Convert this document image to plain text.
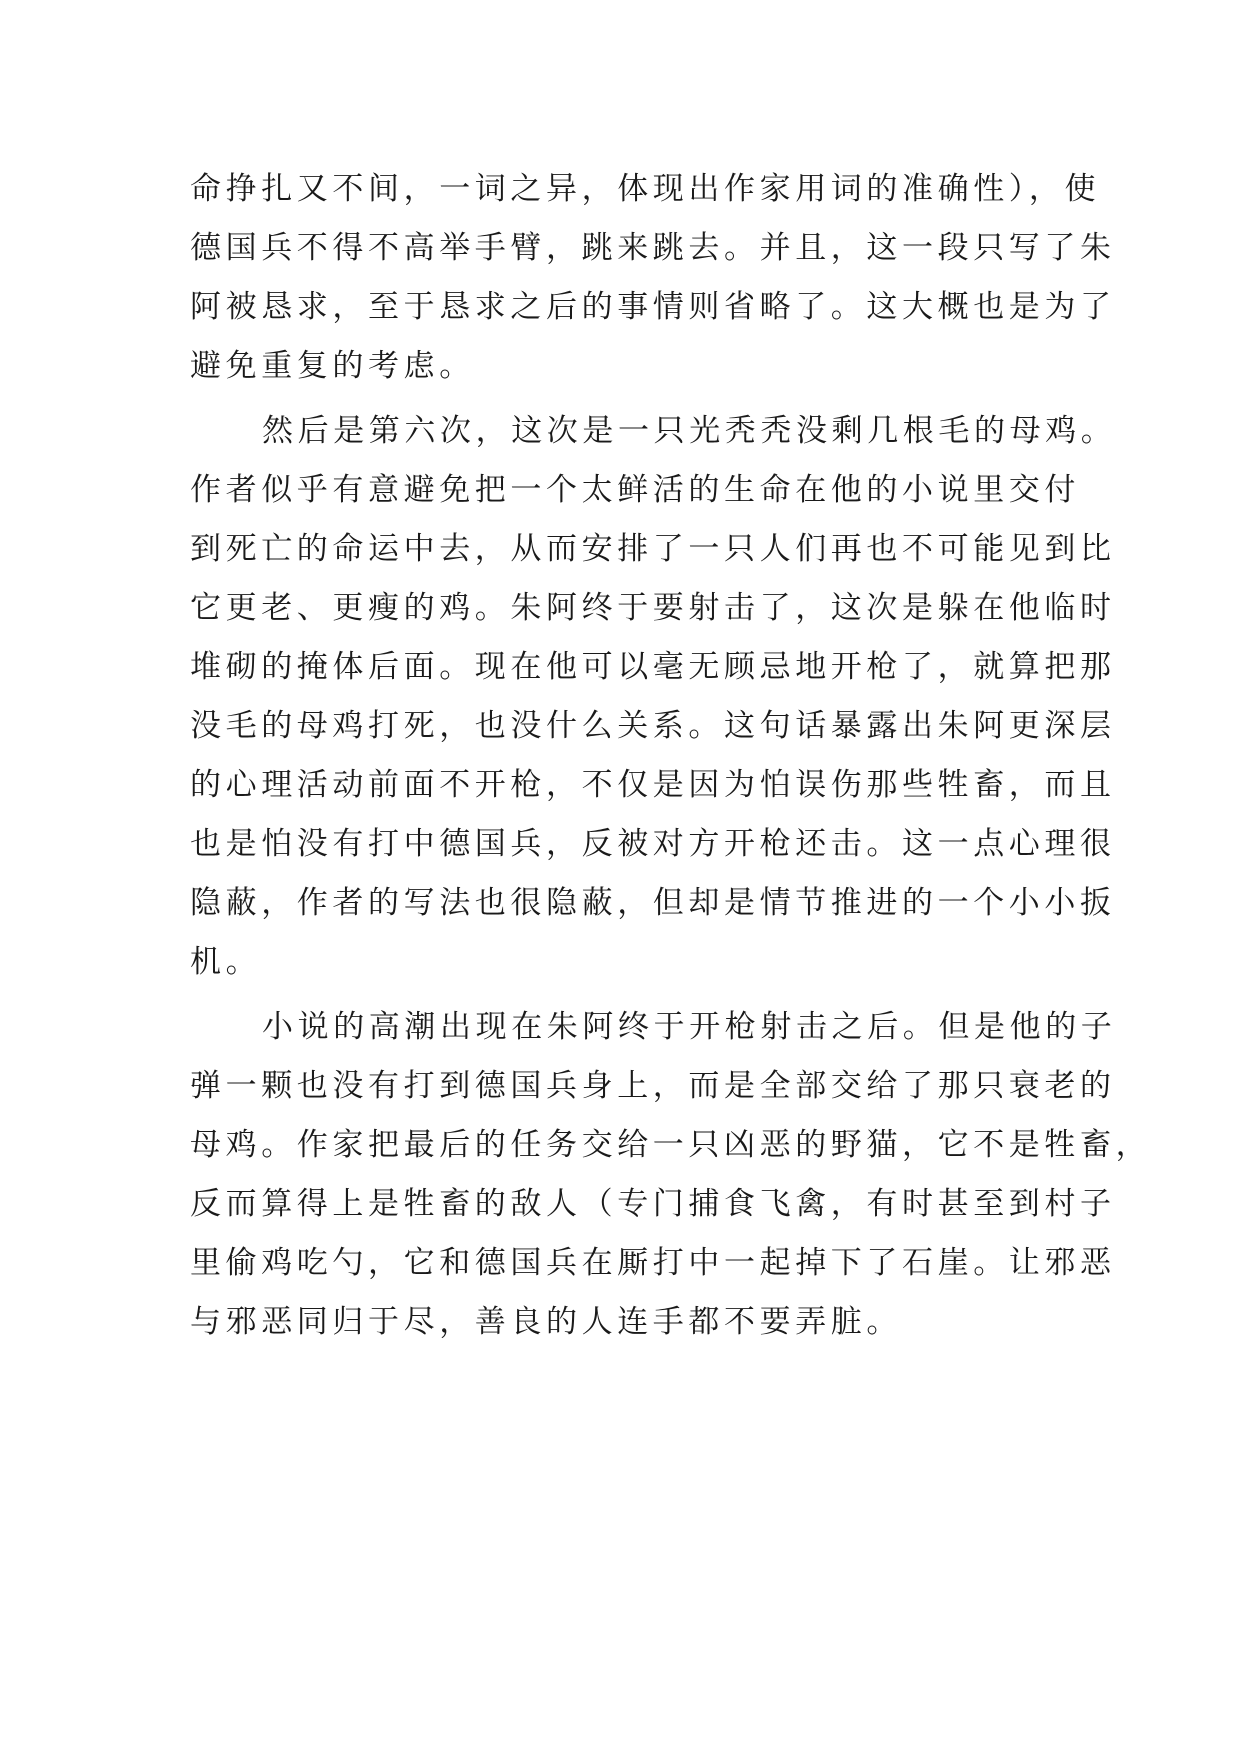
命挣扎又不间，一词之异，体现出作家用词的准确性），使
德国兵不得不高举手臂，跳来跳去。并且，这一段只写了朱
阿被恳求，至于恳求之后的事情则省略了。这大概也是为了
避免重复的考虑。
然后是第六次，这次是一只光秃秃没剩几根毛的母鸡。
作者似乎有意避免把一个太鲜活的生命在他的小说里交付
到死亡的命运中去，从而安排了一只人们再也不可能见到比
它更老、更瘦的鸡。朱阿终于要射击了，这次是躲在他临时
堆砌的掩体后面。现在他可以毫无顾忌地开枪了，就算把那
没毛的母鸡打死，也没什么关系。这句话暴露出朱阿更深层
的心理活动前面不开枪，不仅是因为怕误伤那些牲畜，而且
也是怕没有打中德国兵，反被对方开枪还击。这一点心理很
隐蔽，作者的写法也很隐蔽，但却是情节推进的一个小小扳
机。
小说的高潮出现在朱阿终于开枪射击之后。但是他的子
弹一颗也没有打到德国兵身上，而是全部交给了那只衰老的
母鸡。作家把最后的任务交给一只凶恶的野猫，它不是牲畜，
反而算得上是牲畜的敌人（专门捕食飞禽，有时甚至到村子
里偷鸡吃勺，它和德国兵在厮打中一起掉下了石崖。让邪恶
与邪恶同归于尽，善良的人连手都不要弄脏。
